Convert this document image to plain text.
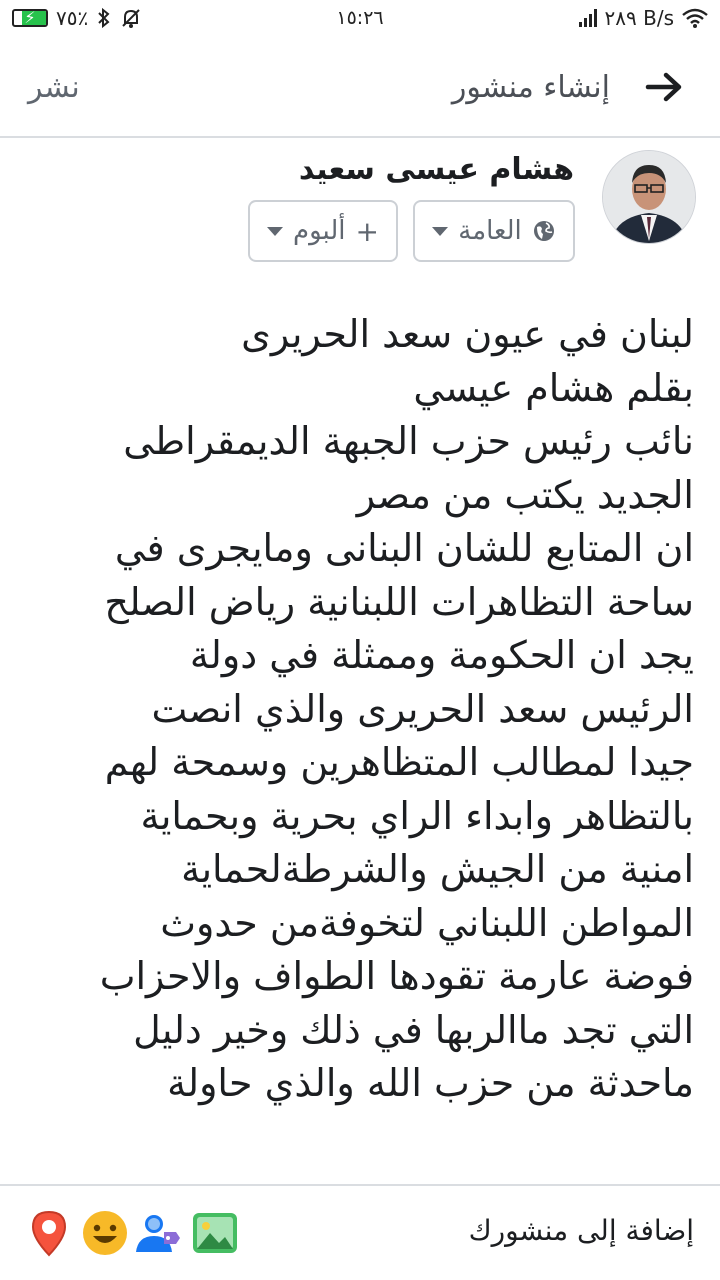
⚡	٧٥٪	١٥:٢٦	٢٨٩ B/s
نشر	إنشاء منشور
هشام عيسى سعيد
العامة
+
ألبوم
لبنان في عيون سعد الحريرى
بقلم هشام عيسي
نائب رئيس حزب الجبهة الديمقراطى
الجديد يكتب من مصر
ان المتابع للشان البنانى ومايجرى في
ساحة التظاهرات اللبنانية رياض الصلح
يجد ان الحكومة وممثلة في دولة
الرئيس سعد الحريرى والذي انصت
جيدا لمطالب المتظاهرين وسمحة لهم
بالتظاهر وابداء الراي بحرية وبحماية
امنية من الجيش والشرطةلحماية
المواطن اللبناني لتخوفةمن حدوث
فوضة عارمة تقودها الطواف والاحزاب
التي تجد ماالربها في ذلك وخير دليل
ماحدثة من حزب الله والذي حاولة
إضافة إلى منشورك
